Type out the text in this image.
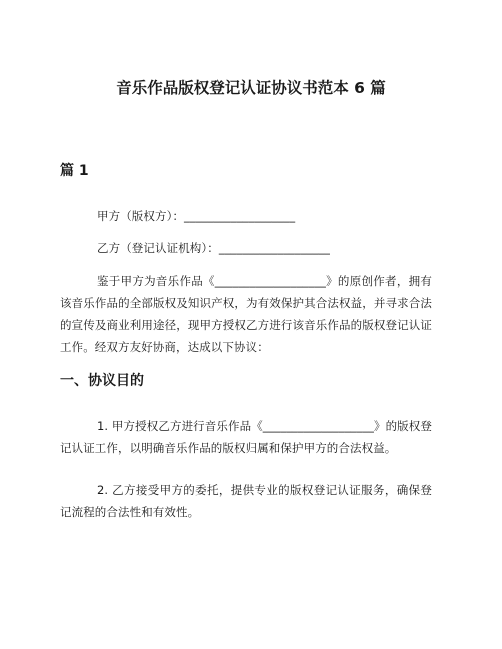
音乐作品版权登记认证协议书范本 6 篇
篇 1

甲方（版权方）：___________________

乙方（登记认证机构）：___________________

鉴于甲方为音乐作品《___________________》的原创作者，拥有该音乐作品的全部版权及知识产权，为有效保护其合法权益，并寻求合法的宣传及商业利用途径，现甲方授权乙方进行该音乐作品的版权登记认证工作。经双方友好协商，达成以下协议：

一、协议目的

1. 甲方授权乙方进行音乐作品《___________________》的版权登记认证工作，以明确音乐作品的版权归属和保护甲方的合法权益。

2. 乙方接受甲方的委托，提供专业的版权登记认证服务，确保登记流程的合法性和有效性。
